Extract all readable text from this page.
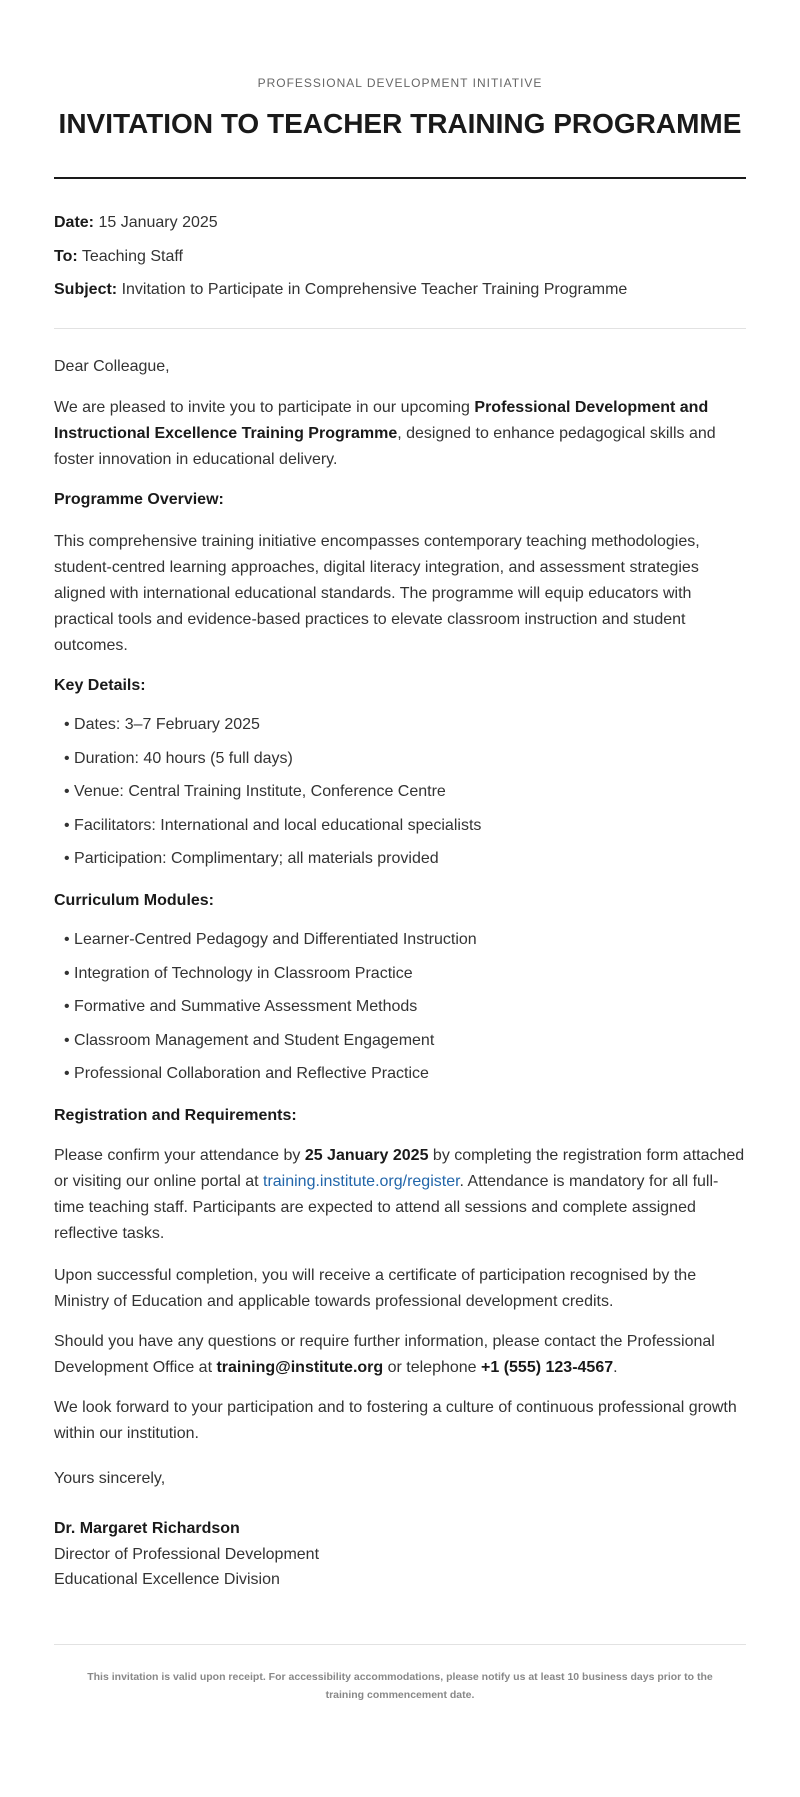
PROFESSIONAL DEVELOPMENT INITIATIVE
INVITATION TO TEACHER TRAINING PROGRAMME
Date: 15 January 2025
To: Teaching Staff
Subject: Invitation to Participate in Comprehensive Teacher Training Programme

Dear Colleague,

We are pleased to invite you to participate in our upcoming Professional Development and Instructional Excellence Training Programme, designed to enhance pedagogical skills and foster innovation in educational delivery.

Programme Overview:

This comprehensive training initiative encompasses contemporary teaching methodologies, student-centred learning approaches, digital literacy integration, and assessment strategies aligned with international educational standards. The programme will equip educators with practical tools and evidence-based practices to elevate classroom instruction and student outcomes.

Key Details:
• Dates: 3–7 February 2025
• Duration: 40 hours (5 full days)
• Venue: Central Training Institute, Conference Centre
• Facilitators: International and local educational specialists
• Participation: Complimentary; all materials provided
Curriculum Modules:
• Learner-Centred Pedagogy and Differentiated Instruction
• Integration of Technology in Classroom Practice
• Formative and Summative Assessment Methods
• Classroom Management and Student Engagement
• Professional Collaboration and Reflective Practice
Registration and Requirements:

Please confirm your attendance by 25 January 2025 by completing the registration form attached or visiting our online portal at training.institute.org/register. Attendance is mandatory for all full-time teaching staff. Participants are expected to attend all sessions and complete assigned reflective tasks.

Upon successful completion, you will receive a certificate of participation recognised by the Ministry of Education and applicable towards professional development credits.

Should you have any questions or require further information, please contact the Professional Development Office at training@institute.org or telephone +1 (555) 123-4567.

We look forward to your participation and to fostering a culture of continuous professional growth within our institution.

Yours sincerely,

Dr. Margaret Richardson
Director of Professional Development
Educational Excellence Division
This invitation is valid upon receipt. For accessibility accommodations, please notify us at least 10 business days prior to the training commencement date.
